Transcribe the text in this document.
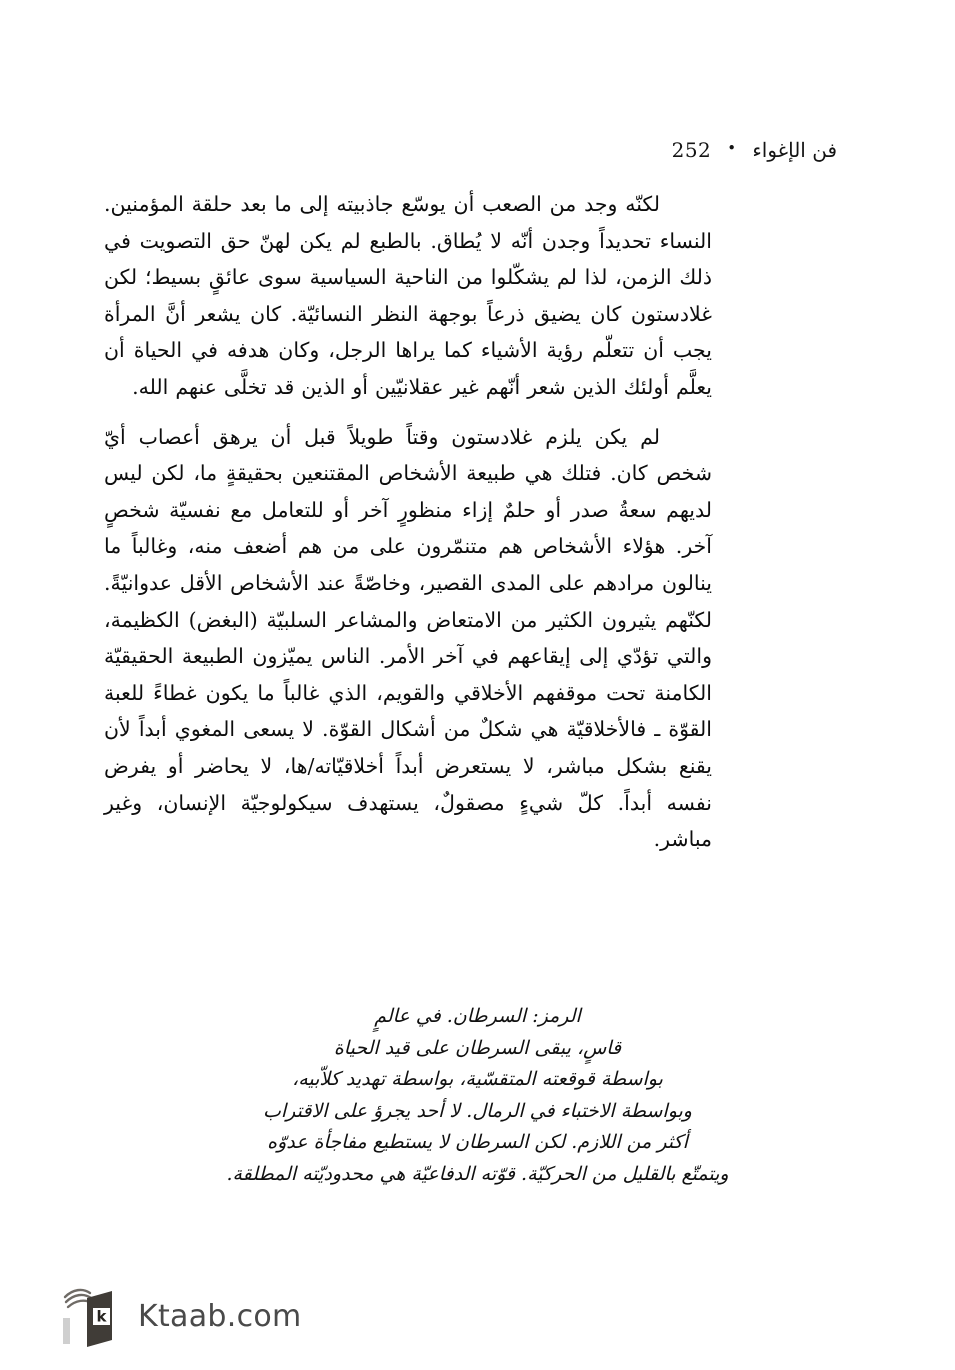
فن الإغواء
•
252

لكنّه وجد من الصعب أن يوسّع جاذبيته إلى ما بعد حلقة المؤمنين. النساء تحديداً وجدن أنّه لا يُطاق. بالطبع لم يكن لهنّ حق التصويت في ذلك الزمن، لذا لم يشكّلوا من الناحية السياسية سوى عائقٍ بسيط؛ لكن غلادستون كان يضيق ذرعاً بوجهة النظر النسائيّة. كان يشعر أنَّ المرأة يجب أن تتعلّم رؤية الأشياء كما يراها الرجل، وكان هدفه في الحياة أن يعلَّم أولئك الذين شعر أنّهم غير عقلانيّين أو الذين قد تخلَّى عنهم الله.

لم يكن يلزم غلادستون وقتاً طويلاً قبل أن يرهق أعصاب أيّ شخص كان. فتلك هي طبيعة الأشخاص المقتنعين بحقيقةٍ ما، لكن ليس لديهم سعةُ صدر أو حلمٌ إزاء منظورٍ آخر أو للتعامل مع نفسيّة شخصٍ آخر. هؤلاء الأشخاص هم متنمّرون على من هم أضعف منه، وغالباً ما ينالون مرادهم على المدى القصير، وخاصّةً عند الأشخاص الأقل عدوانيّةً. لكنّهم يثيرون الكثير من الامتعاض والمشاعر السلبيّة (البغض) الكظيمة، والتي تؤدّي إلى إيقاعهم في آخر الأمر. الناس يميّزون الطبيعة الحقيقيّة الكامنة تحت موقفهم الأخلاقي والقويم، الذي غالباً ما يكون غطاءً للعبة القوّة ـ فالأخلاقيّة هي شكلٌ من أشكال القوّة. لا يسعى المغوي أبداً لأن يقنع بشكل مباشر، لا يستعرض أبداً أخلاقيّاته/ها، لا يحاضر أو يفرض نفسه أبداً. كلّ شيءٍ مصقولٌ، يستهدف سيكولوجيّة الإنسان، وغير مباشر.

الرمز: السرطان. في عالمٍ
قاسٍ، يبقى السرطان على قيد الحياة
بواسطة قوقعته المتقسّية، بواسطة تهديد كلاّبيه،
وبواسطة الاختباء في الرمال. لا أحد يجرؤ على الاقتراب
أكثر من اللازم. لكن السرطان لا يستطيع مفاجأة عدوّه
ويتمتّع بالقليل من الحركيّة. قوّته الدفاعيّة هي محدوديّته المطلقة.
k Ktaab.com
